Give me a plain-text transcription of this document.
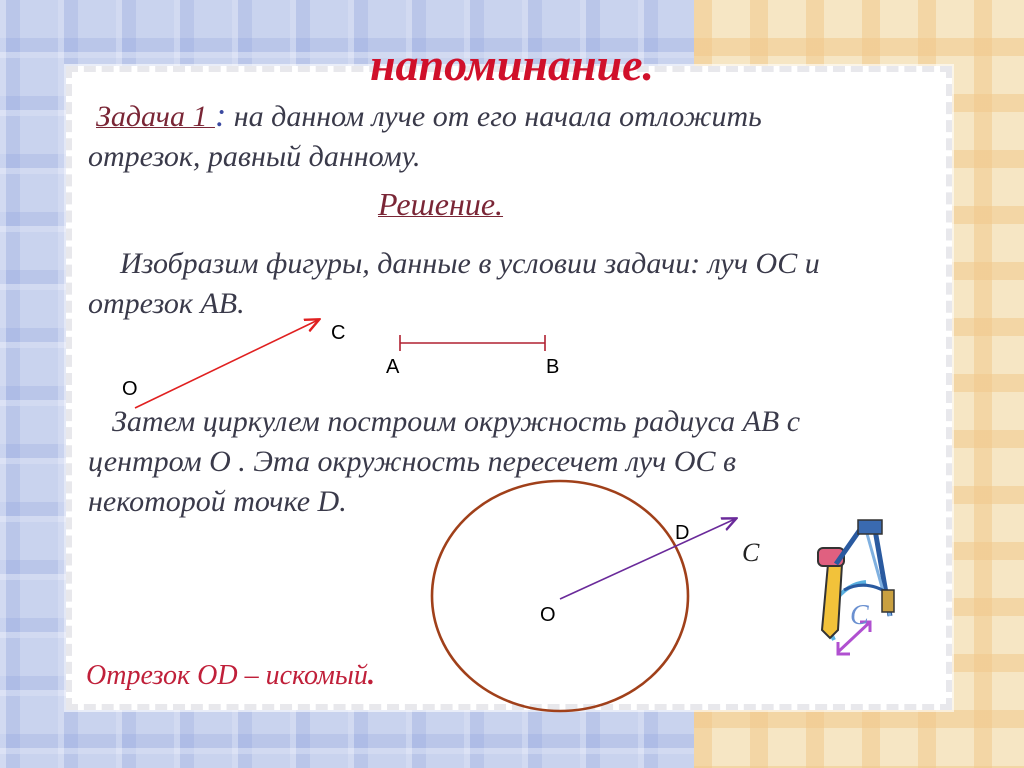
напоминание.
Задача 1 : на данном луче от его начала отложить
отрезок, равный данному.
Решение.
Изобразим фигуры, данные в условии задачи: луч ОС и
отрезок АВ.
Затем циркулем построим окружность радиуса АВ с
центром О . Эта окружность пересечет луч ОС в
некоторой точке D.
C
O
A	B
D
O
C
C
Отрезок OD – искомый.
